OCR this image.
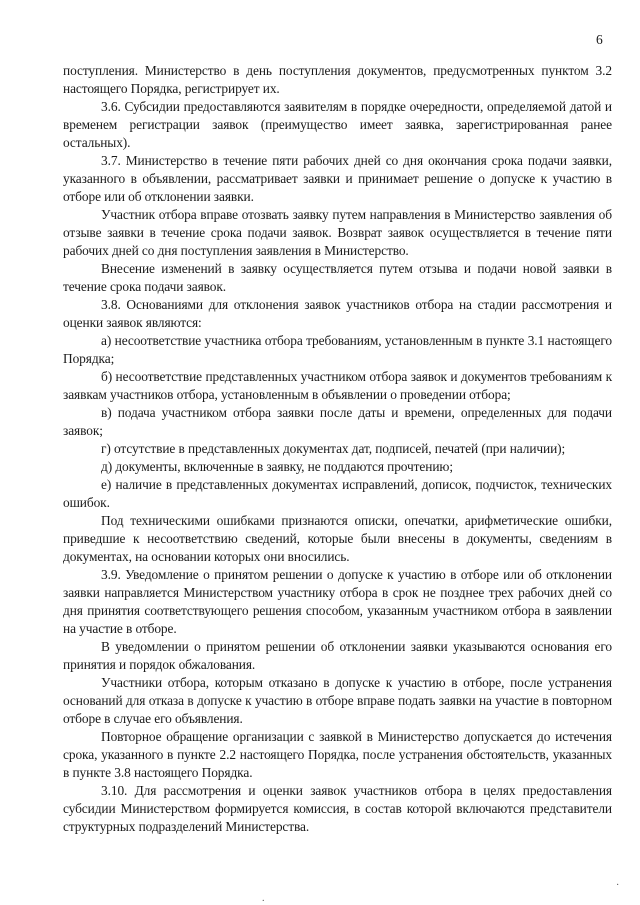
6

поступления. Министерство в день поступления документов, предусмотренных пунктом 3.2 настоящего Порядка, регистрирует их.

3.6. Субсидии предоставляются заявителям в порядке очередности, определяемой датой и временем регистрации заявок (преимущество имеет заявка, зарегистрированная ранее остальных).

3.7. Министерство в течение пяти рабочих дней со дня окончания срока подачи заявки, указанного в объявлении, рассматривает заявки и принимает решение о допуске к участию в отборе или об отклонении заявки.

Участник отбора вправе отозвать заявку путем направления в Министерство заявления об отзыве заявки в течение срока подачи заявок. Возврат заявок осуществляется в течение пяти рабочих дней со дня поступления заявления в Министерство.

Внесение изменений в заявку осуществляется путем отзыва и подачи новой заявки в течение срока подачи заявок.

3.8. Основаниями для отклонения заявок участников отбора на стадии рассмотрения и оценки заявок являются:

а) несоответствие участника отбора требованиям, установленным в пункте 3.1 настоящего Порядка;

б) несоответствие представленных участником отбора заявок и документов требованиям к заявкам участников отбора, установленным в объявлении о проведении отбора;

в) подача участником отбора заявки после даты и времени, определенных для подачи заявок;

г) отсутствие в представленных документах дат, подписей, печатей (при наличии);

д) документы, включенные в заявку, не поддаются прочтению;

е) наличие в представленных документах исправлений, дописок, подчисток, технических ошибок.

Под техническими ошибками признаются описки, опечатки, арифметические ошибки, приведшие к несоответствию сведений, которые были внесены в документы, сведениям в документах, на основании которых они вносились.

3.9. Уведомление о принятом решении о допуске к участию в отборе или об отклонении заявки направляется Министерством участнику отбора в срок не позднее трех рабочих дней со дня принятия соответствующего решения способом, указанным участником отбора в заявлении на участие в отборе.

В уведомлении о принятом решении об отклонении заявки указываются основания его принятия и порядок обжалования.

Участники отбора, которым отказано в допуске к участию в отборе, после устранения оснований для отказа в допуске к участию в отборе вправе подать заявки на участие в повторном отборе в случае его объявления.

Повторное обращение организации с заявкой в Министерство допускается до истечения срока, указанного в пункте 2.2 настоящего Порядка, после устранения обстоятельств, указанных в пункте 3.8 настоящего Порядка.

3.10. Для рассмотрения и оценки заявок участников отбора в целях предоставления субсидии Министерством формируется комиссия, в состав которой включаются представители структурных подразделений Министерства.

.
·
